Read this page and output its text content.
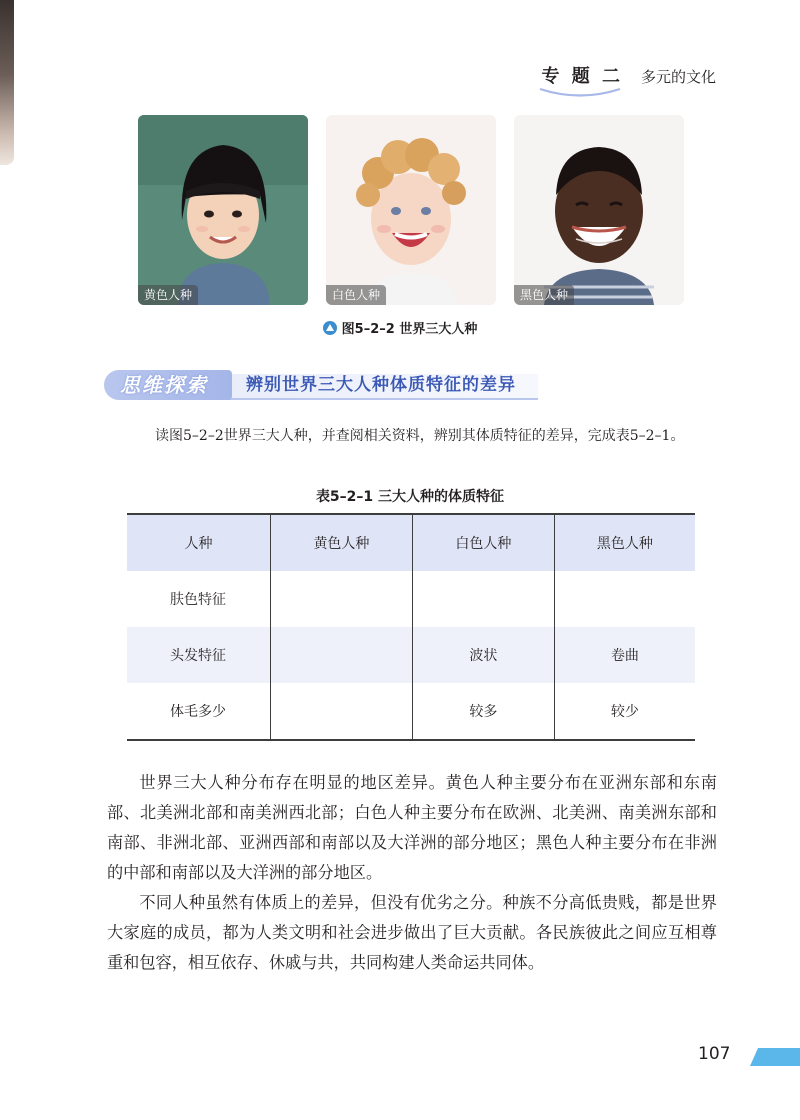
专 题 二 多元的文化
黄色人种	白色人种	黑色人种
图5–2–2 世界三大人种
思维探索 辨别世界三大人种体质特征的差异

读图5–2–2世界三大人种，并查阅相关资料，辨别其体质特征的差异，完成表5–2–1。

表5–2–1 三大人种的体质特征
人种	黄色人种	白色人种	黑色人种
肤色特征			
头发特征		波状	卷曲
体毛多少		较多	较少

世界三大人种分布存在明显的地区差异。黄色人种主要分布在亚洲东部和东南部、北美洲北部和南美洲西北部；白色人种主要分布在欧洲、北美洲、南美洲东部和南部、非洲北部、亚洲西部和南部以及大洋洲的部分地区；黑色人种主要分布在非洲的中部和南部以及大洋洲的部分地区。

不同人种虽然有体质上的差异，但没有优劣之分。种族不分高低贵贱，都是世界大家庭的成员，都为人类文明和社会进步做出了巨大贡献。各民族彼此之间应互相尊重和包容，相互依存、休戚与共，共同构建人类命运共同体。

107
